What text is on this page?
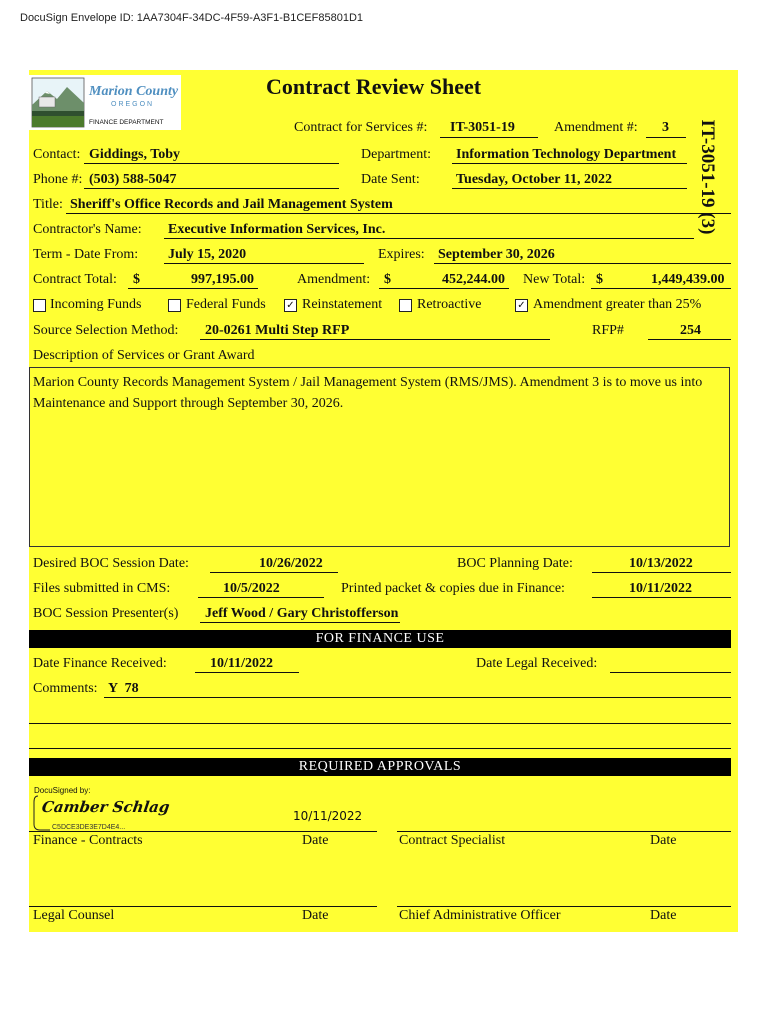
DocuSign Envelope ID: 1AA7304F-34DC-4F59-A3F1-B1CEF85801D1
Marion County
OREGON
FINANCE DEPARTMENT
Contract Review Sheet
IT-3051-19 (3)
Contract for Services #: IT-3051-19	Amendment #: 3
Contact: Giddings, Toby	Department: Information Technology Department
Phone #: (503) 588-5047	Date Sent:	Tuesday, October 11, 2022
Title: Sheriff's Office Records and Jail Management System
Contractor's Name: Executive Information Services, Inc.
Term - Date From: July 15, 2020	Expires: September 30, 2026
Contract Total: $	997,195.00	Amendment: $	452,244.00 New Total: $	1,449,439.00
Incoming Funds	Federal Funds ✓ Reinstatement Retroactive	✓ Amendment greater than 25%
Source Selection Method: 20-0261 Multi Step RFP	RFP#	254
Description of Services or Grant Award
Marion County Records Management System / Jail Management System (RMS/JMS). Amendment 3 is to move us into Maintenance and Support through September 30, 2026.
Desired BOC Session Date:	10/26/2022	BOC Planning Date:	10/13/2022
Files submitted in CMS:	10/5/2022	Printed packet & copies due in Finance:	10/11/2022
BOC Session Presenter(s) Jeff Wood / Gary Christofferson
FOR FINANCE USE
Date Finance Received:	10/11/2022	Date Legal Received:
Comments: Y  78
REQUIRED APPROVALS
DocuSigned by:
Camber Schlag
C5DCE3DE3E7D4E4...
10/11/2022
Finance - Contracts	Date	Contract Specialist	Date
Legal Counsel	Date	Chief Administrative Officer	Date
